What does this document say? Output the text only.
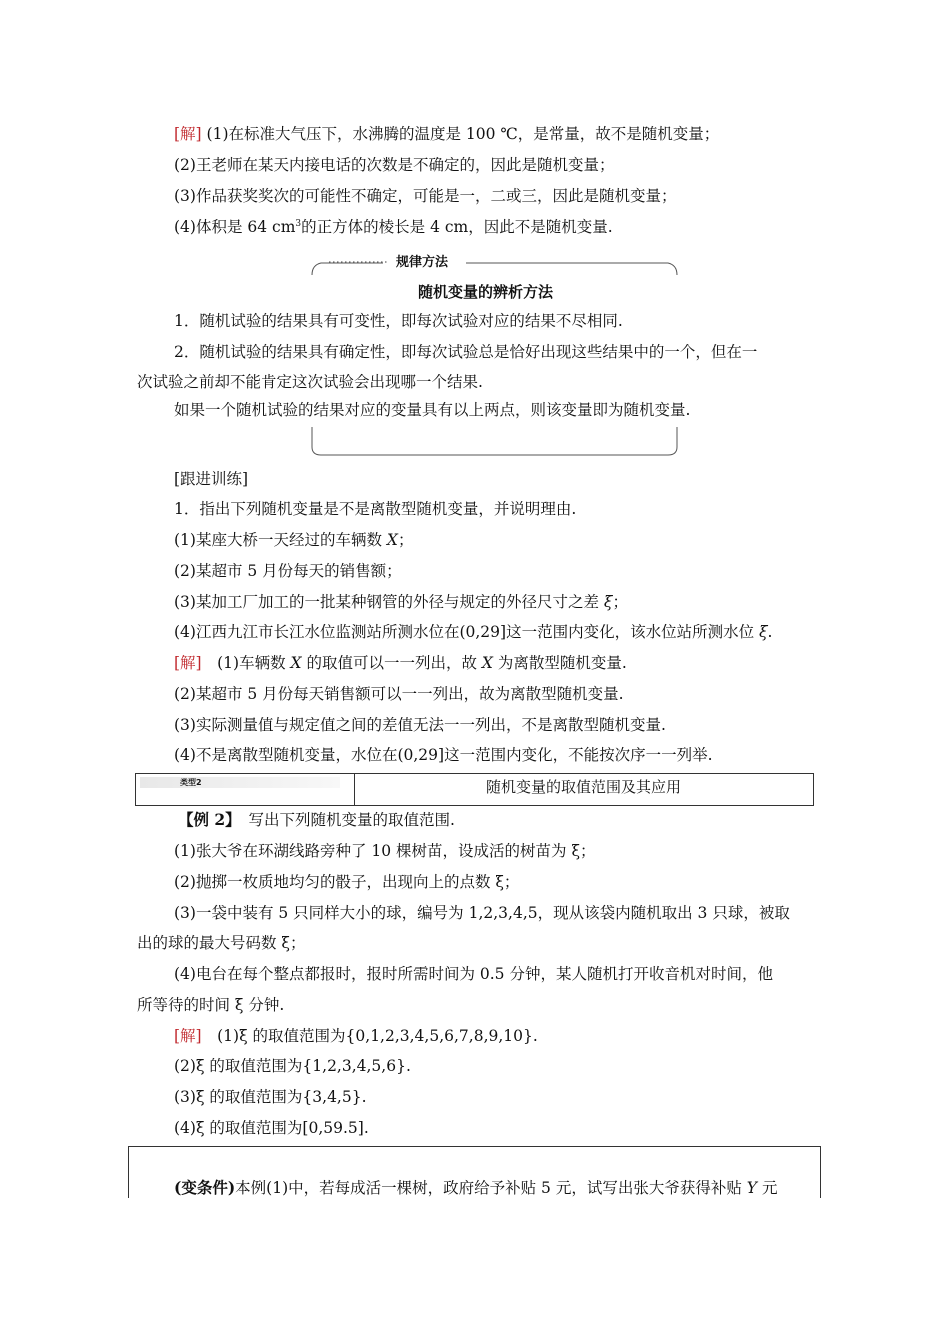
[解] (1)在标准大气压下，水沸腾的温度是 100 ℃，是常量，故不是随机变量；
(2)王老师在某天内接电话的次数是不确定的，因此是随机变量；
(3)作品获奖奖次的可能性不确定，可能是一，二或三，因此是随机变量；
(4)体积是 64 $cm^3$的正方体的棱长是 4 cm，因此不是随机变量.
规律方法
随机变量的辨析方法
1．随机试验的结果具有可变性，即每次试验对应的结果不尽相同.
2．随机试验的结果具有确定性，即每次试验总是恰好出现这些结果中的一个，但在一
次试验之前却不能肯定这次试验会出现哪一个结果.
如果一个随机试验的结果对应的变量具有以上两点，则该变量即为随机变量.
[跟进训练]
1．指出下列随机变量是不是离散型随机变量，并说明理由.
(1)某座大桥一天经过的车辆数 X；
(2)某超市 5 月份每天的销售额；
(3)某加工厂加工的一批某种钢管的外径与规定的外径尺寸之差 ξ；
(4)江西九江市长江水位监测站所测水位在(0,29]这一范围内变化，该水位站所测水位 ξ.
[解]　 (1)车辆数 X 的取值可以一一列出，故 X 为离散型随机变量.
(2)某超市 5 月份每天销售额可以一一列出，故为离散型随机变量.
(3)实际测量值与规定值之间的差值无法一一列出，不是离散型随机变量.
(4)不是离散型随机变量，水位在(0,29]这一范围内变化，不能按次序一一列举.
类型2	随机变量的取值范围及其应用
【例 2】　写出下列随机变量的取值范围.
(1)张大爷在环湖线路旁种了 10 棵树苗，设成活的树苗为 ξ；
(2)抛掷一枚质地均匀的骰子，出现向上的点数 ξ；
(3)一袋中装有 5 只同样大小的球，编号为 1,2,3,4,5，现从该袋内随机取出 3 只球，被取
出的球的最大号码数 ξ；
(4)电台在每个整点都报时，报时所需时间为 0.5 分钟，某人随机打开收音机对时间，他
所等待的时间 ξ 分钟.
[解]　 (1)ξ 的取值范围为{0,1,2,3,4,5,6,7,8,9,10}.
(2)ξ 的取值范围为{1,2,3,4,5,6}.
(3)ξ 的取值范围为{3,4,5}.
(4)ξ 的取值范围为[0,59.5].
(变条件)本例(1)中，若每成活一棵树，政府给予补贴 5 元，试写出张大爷获得补贴 Y 元
